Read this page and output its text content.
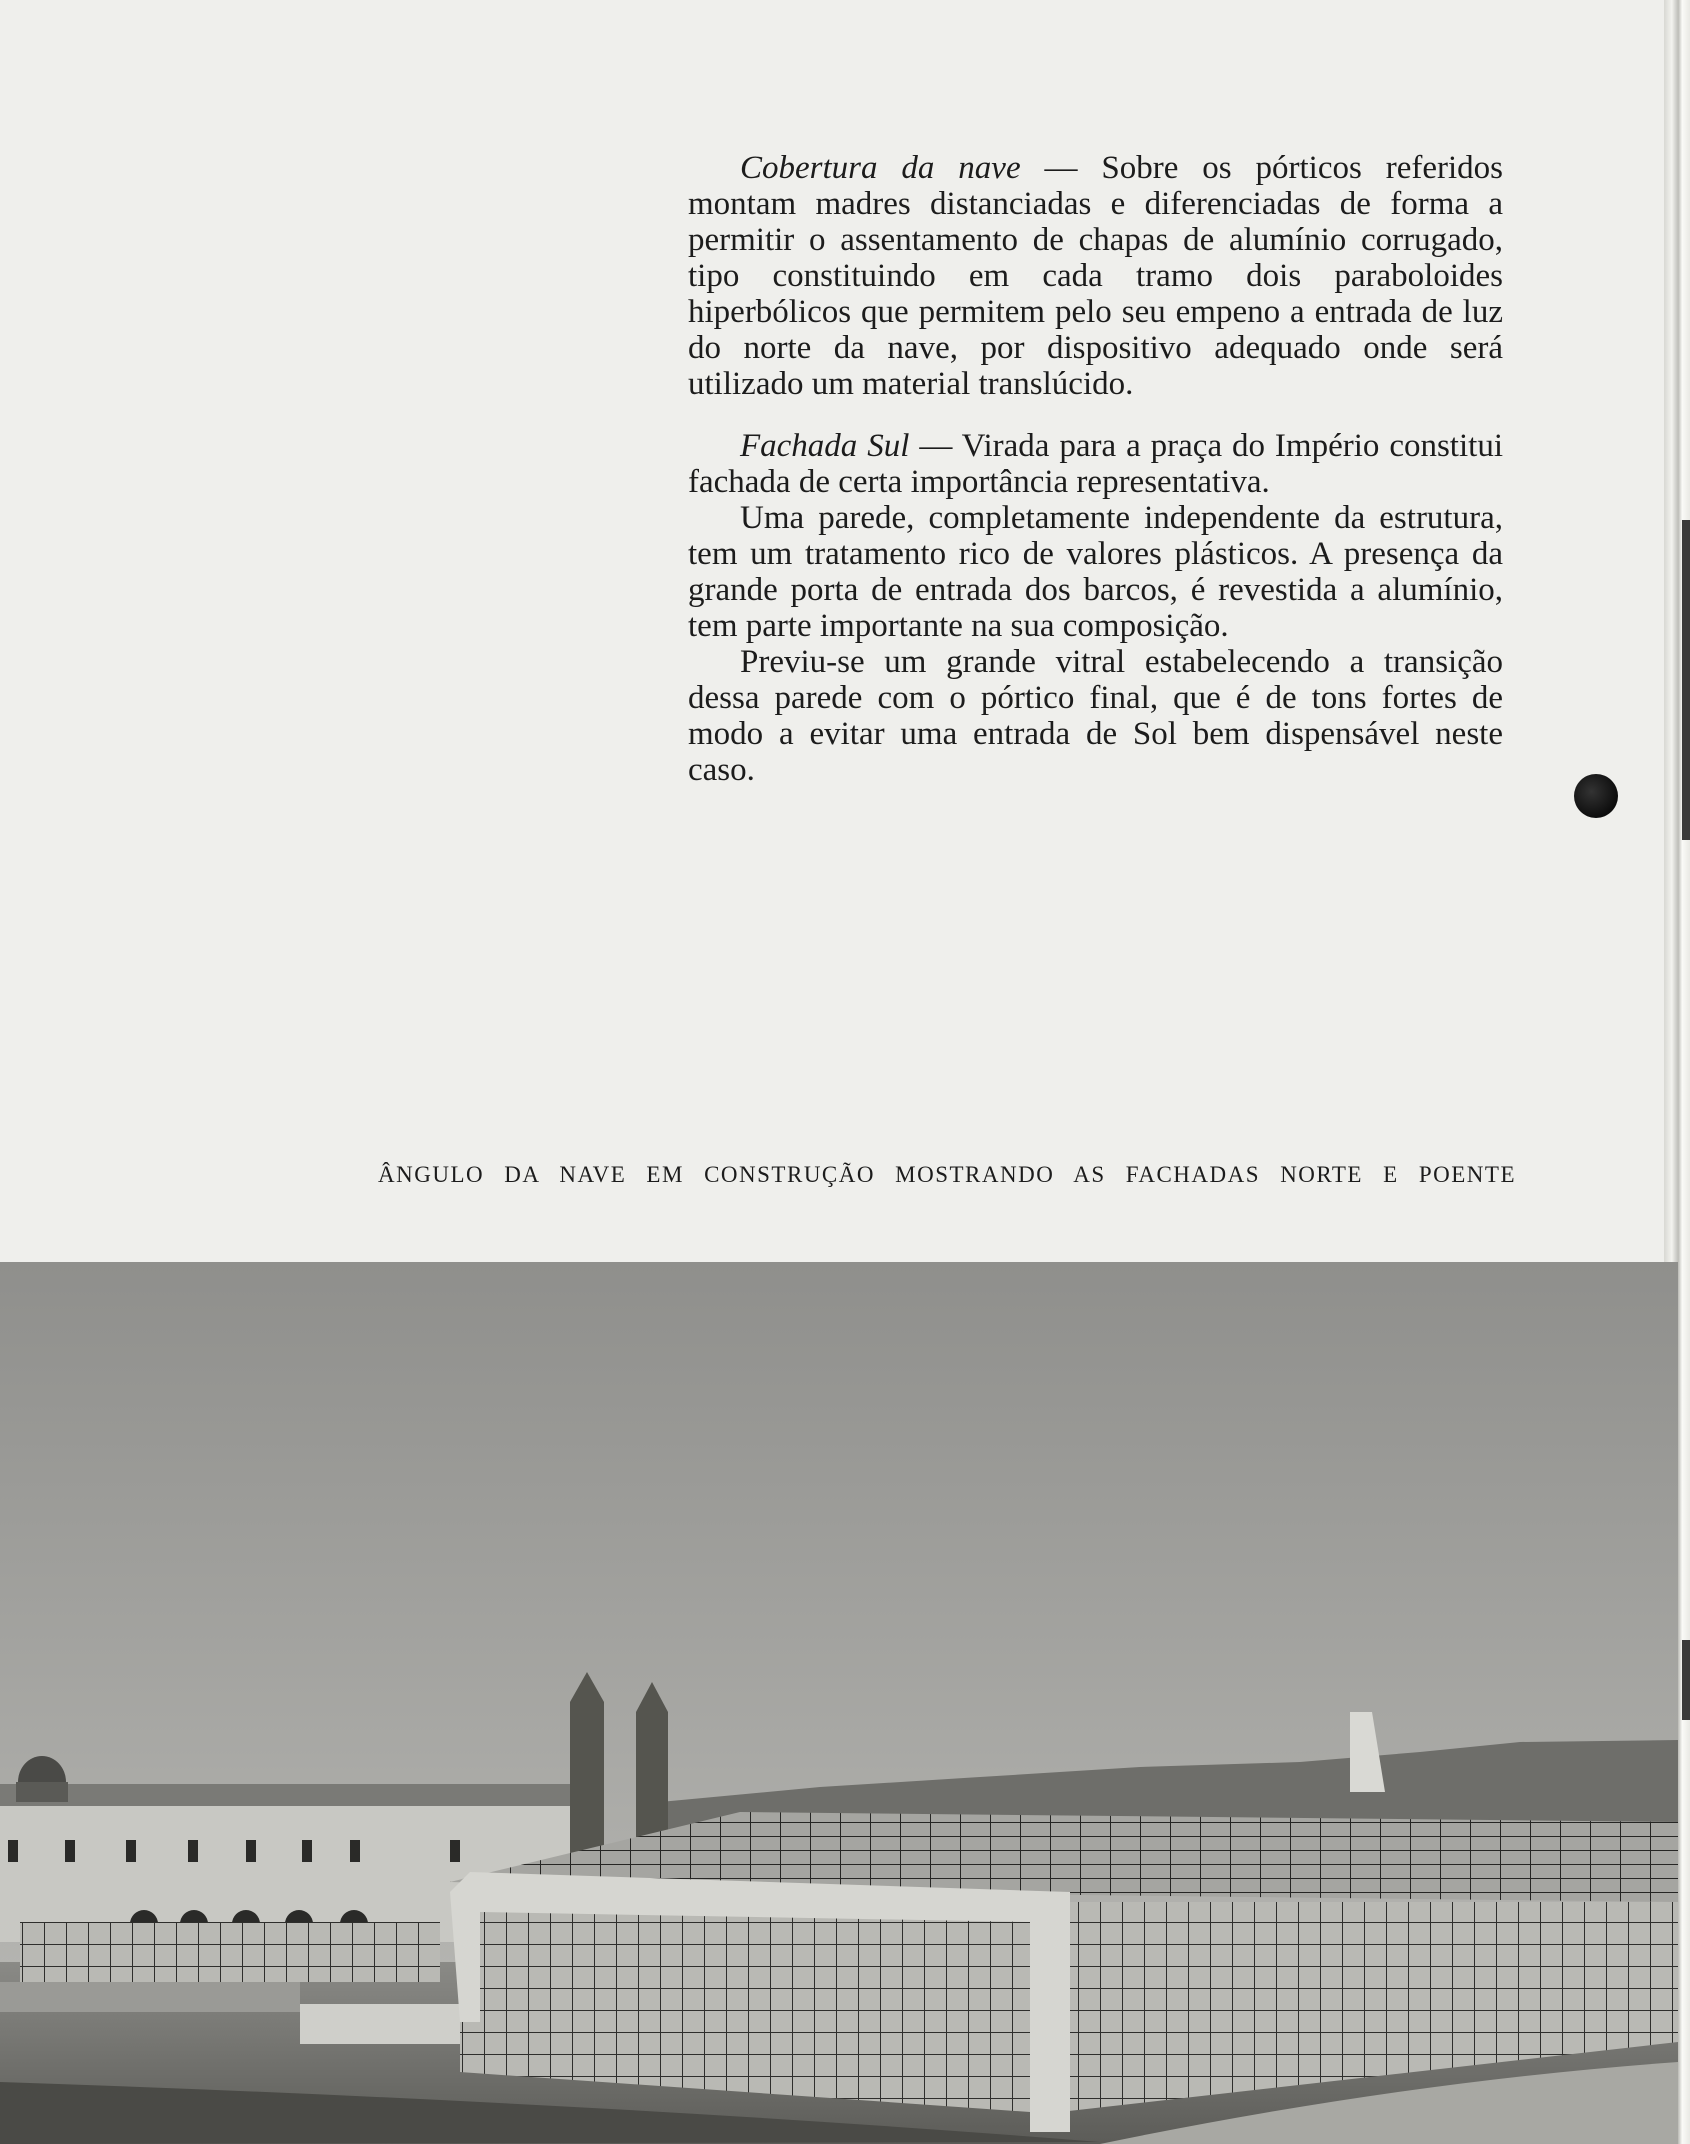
Cobertura da nave — Sobre os pórticos referidos montam madres distanciadas e diferenciadas de forma a permitir o assentamento de chapas de alumínio corrugado, tipo constituindo em cada tramo dois paraboloides hiperbólicos que permitem pelo seu empeno a entrada de luz do norte da nave, por dispositivo adequado onde será utilizado um material translúcido.

Fachada Sul — Virada para a praça do Império constitui fachada de certa importância representativa.

Uma parede, completamente independente da estrutura, tem um tratamento rico de valores plásticos. A presença da grande porta de entrada dos barcos, é revestida a alumínio, tem parte importante na sua composição.

Previu-se um grande vitral estabelecendo a transição dessa parede com o pórtico final, que é de tons fortes de modo a evitar uma entrada de Sol bem dispensável neste caso.

ÂNGULO DA NAVE EM CONSTRUÇÃO MOSTRANDO AS FACHADAS NORTE E POENTE
